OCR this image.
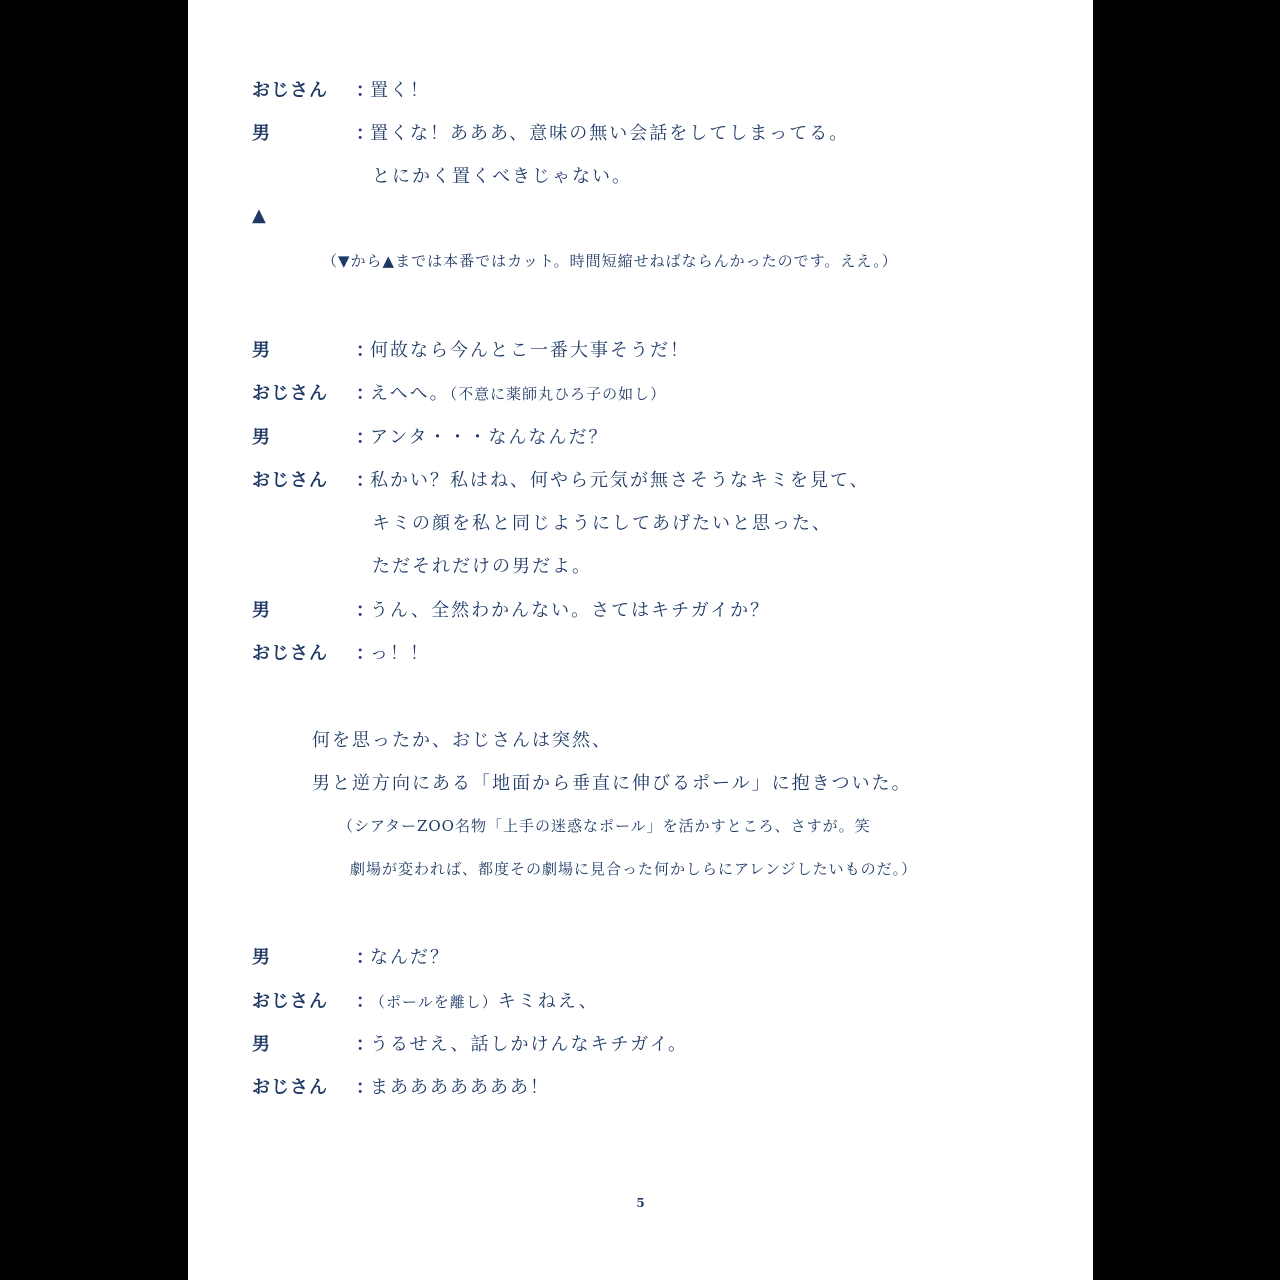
おじさん ：
置く！
男	：
置くな！あああ、意味の無い会話をしてしまってる。
とにかく置くべきじゃない。
▲
（▼から▲までは本番ではカット。時間短縮せねばならんかったのです。ええ。）
男	：
何故なら今んとこ一番大事そうだ！
おじさん ：
えへへ。（不意に薬師丸ひろ子の如し）
男	：
アンタ・・・なんなんだ？
おじさん ：
私かい？私はね、何やら元気が無さそうなキミを見て、
キミの顔を私と同じようにしてあげたいと思った、
ただそれだけの男だよ。
男	：
うん、全然わかんない。さてはキチガイか？
おじさん ：
っ！！
何を思ったか、おじさんは突然、
男と逆方向にある「地面から垂直に伸びるポール」に抱きついた。
（シアターZOO名物「上手の迷惑なポール」を活かすところ、さすが。笑
劇場が変われば、都度その劇場に見合った何かしらにアレンジしたいものだ。）
男	：
なんだ？
おじさん ：
（ポールを離し）キミねえ、
男	：
うるせえ、話しかけんなキチガイ。
おじさん ：
まあああああああ！
5
